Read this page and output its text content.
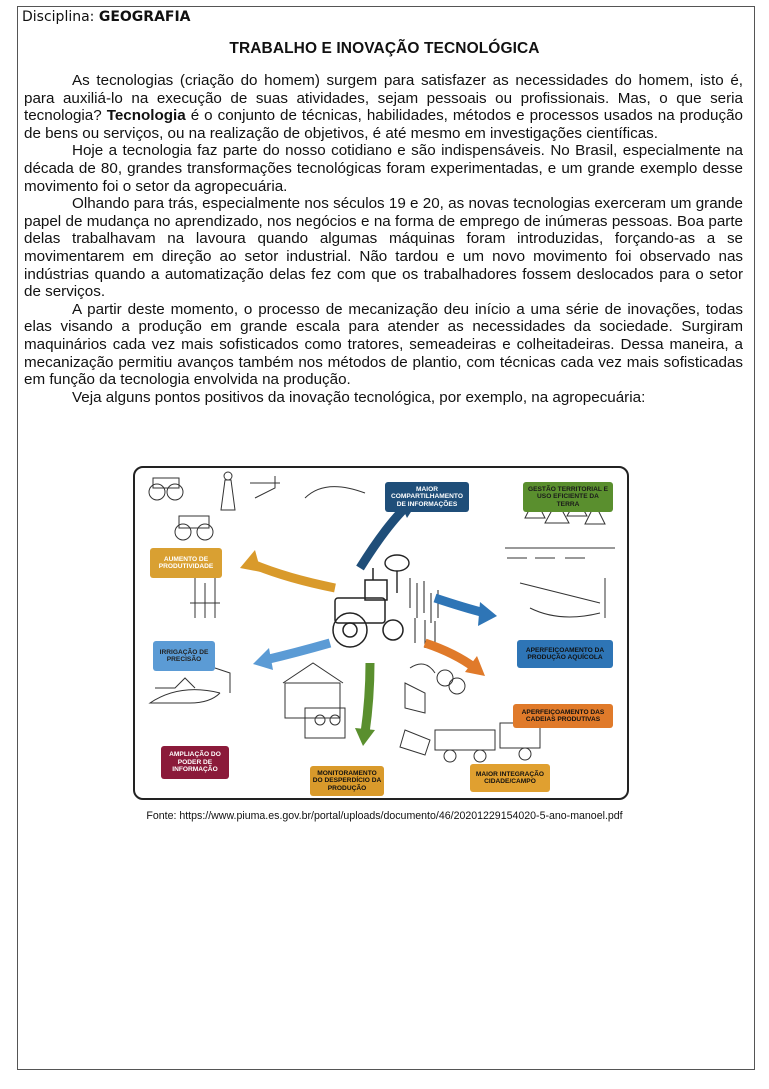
Disciplina: GEOGRAFIA
TRABALHO E INOVAÇÃO TECNOLÓGICA

As tecnologias (criação do homem) surgem para satisfazer as necessidades do homem, isto é, para auxiliá-lo na execução de suas atividades, sejam pessoais ou profissionais. Mas, o que seria tecnologia? Tecnologia é o conjunto de técnicas, habilidades, métodos e processos usados na produção de bens ou serviços, ou na realização de objetivos, é até mesmo em investigações científicas.

Hoje a tecnologia faz parte do nosso cotidiano e são indispensáveis. No Brasil, especialmente na década de 80, grandes transformações tecnológicas foram experimentadas, e um grande exemplo desse movimento foi o setor da agropecuária.

Olhando para trás, especialmente nos séculos 19 e 20, as novas tecnologias exerceram um grande papel de mudança no aprendizado, nos negócios e na forma de emprego de inúmeras pessoas. Boa parte delas trabalhavam na lavoura quando algumas máquinas foram introduzidas, forçando-as a se movimentarem em direção ao setor industrial. Não tardou e um novo movimento foi observado nas indústrias quando a automatização delas fez com que os trabalhadores fossem deslocados para o setor de serviços.

A partir deste momento, o processo de mecanização deu início a uma série de inovações, todas elas visando a produção em grande escala para atender as necessidades da sociedade. Surgiram maquinários cada vez mais sofisticados como tratores, semeadeiras e colheitadeiras. Dessa maneira, a mecanização permitiu avanços também nos métodos de plantio, com técnicas cada vez mais sofisticadas em função da tecnologia envolvida na produção.

Veja alguns pontos positivos da inovação tecnológica, por exemplo, na agropecuária:

AUMENTO DE PRODUTIVIDADE
MAIOR COMPARTILHAMENTO DE INFORMAÇÕES
GESTÃO TERRITORIAL E USO EFICIENTE DA TERRA
IRRIGAÇÃO DE PRECISÃO
APERFEIÇOAMENTO DA PRODUÇÃO AQUÍCOLA
APERFEIÇOAMENTO DAS CADEIAS PRODUTIVAS
AMPLIAÇÃO DO PODER DE INFORMAÇÃO	MONITORAMENTO DO DESPERDÍCIO DA PRODUÇÃO
MAIOR INTEGRAÇÃO CIDADE/CAMPO
Fonte: https://www.piuma.es.gov.br/portal/uploads/documento/46/20201229154020-5-ano-manoel.pdf
